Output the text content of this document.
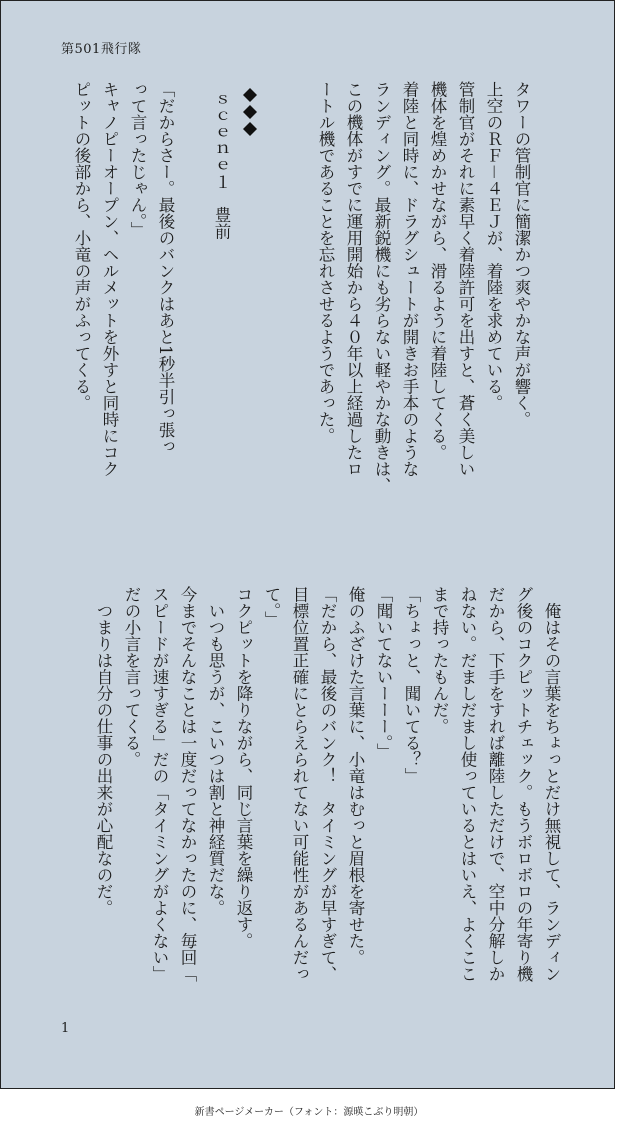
第501飛行隊
タワーの管制官に簡潔かつ爽やかな声が響く。
上空のＲＦ－４ＥＪが、着陸を求めている。
管制官がそれに素早く着陸許可を出すと、蒼く美しい
機体を煌めかせながら、滑るように着陸してくる。
着陸と同時に、ドラグシュートが開きお手本のような
ランディング。最新鋭機にも劣らない軽やかな動きは、
この機体がすでに運用開始から４０年以上経過したロ
ートル機であることを忘れさせるようであった。
ｓｃｅｎｅ１　豊前
「だからさー。最後のバンクはあと1秒半引っ張っ
って言ったじゃん。」
キャノピーオープン、ヘルメットを外すと同時にコク
ピットの後部から、小竜の声がふってくる。
　俺はその言葉をちょっとだけ無視して、ランディン
グ後のコクピットチェック。もうボロボロの年寄り機
だから、下手をすれば離陸しただけで、空中分解しか
ねない。だましだまし使っているとはいえ、よくここ
まで持ったもんだ。
「ちょっと、聞いてる？」
「聞いてないーーー。」
俺のふざけた言葉に、小竜はむっと眉根を寄せた。
「だから、最後のバンク！　タイミングが早すぎて、
目標位置正確にとらえられてない可能性があるんだっ
て。」
コクピットを降りながら、同じ言葉を繰り返す。
　いつも思うが、こいつは割と神経質だな。
今までそんなことは一度だってなかったのに、毎回「
スピードが速すぎる」だの「タイミングがよくない」
だの小言を言ってくる。
　つまりは自分の仕事の出来が心配なのだ。
1
新書ページメーカー（フォント：源暎こぶり明朝）
